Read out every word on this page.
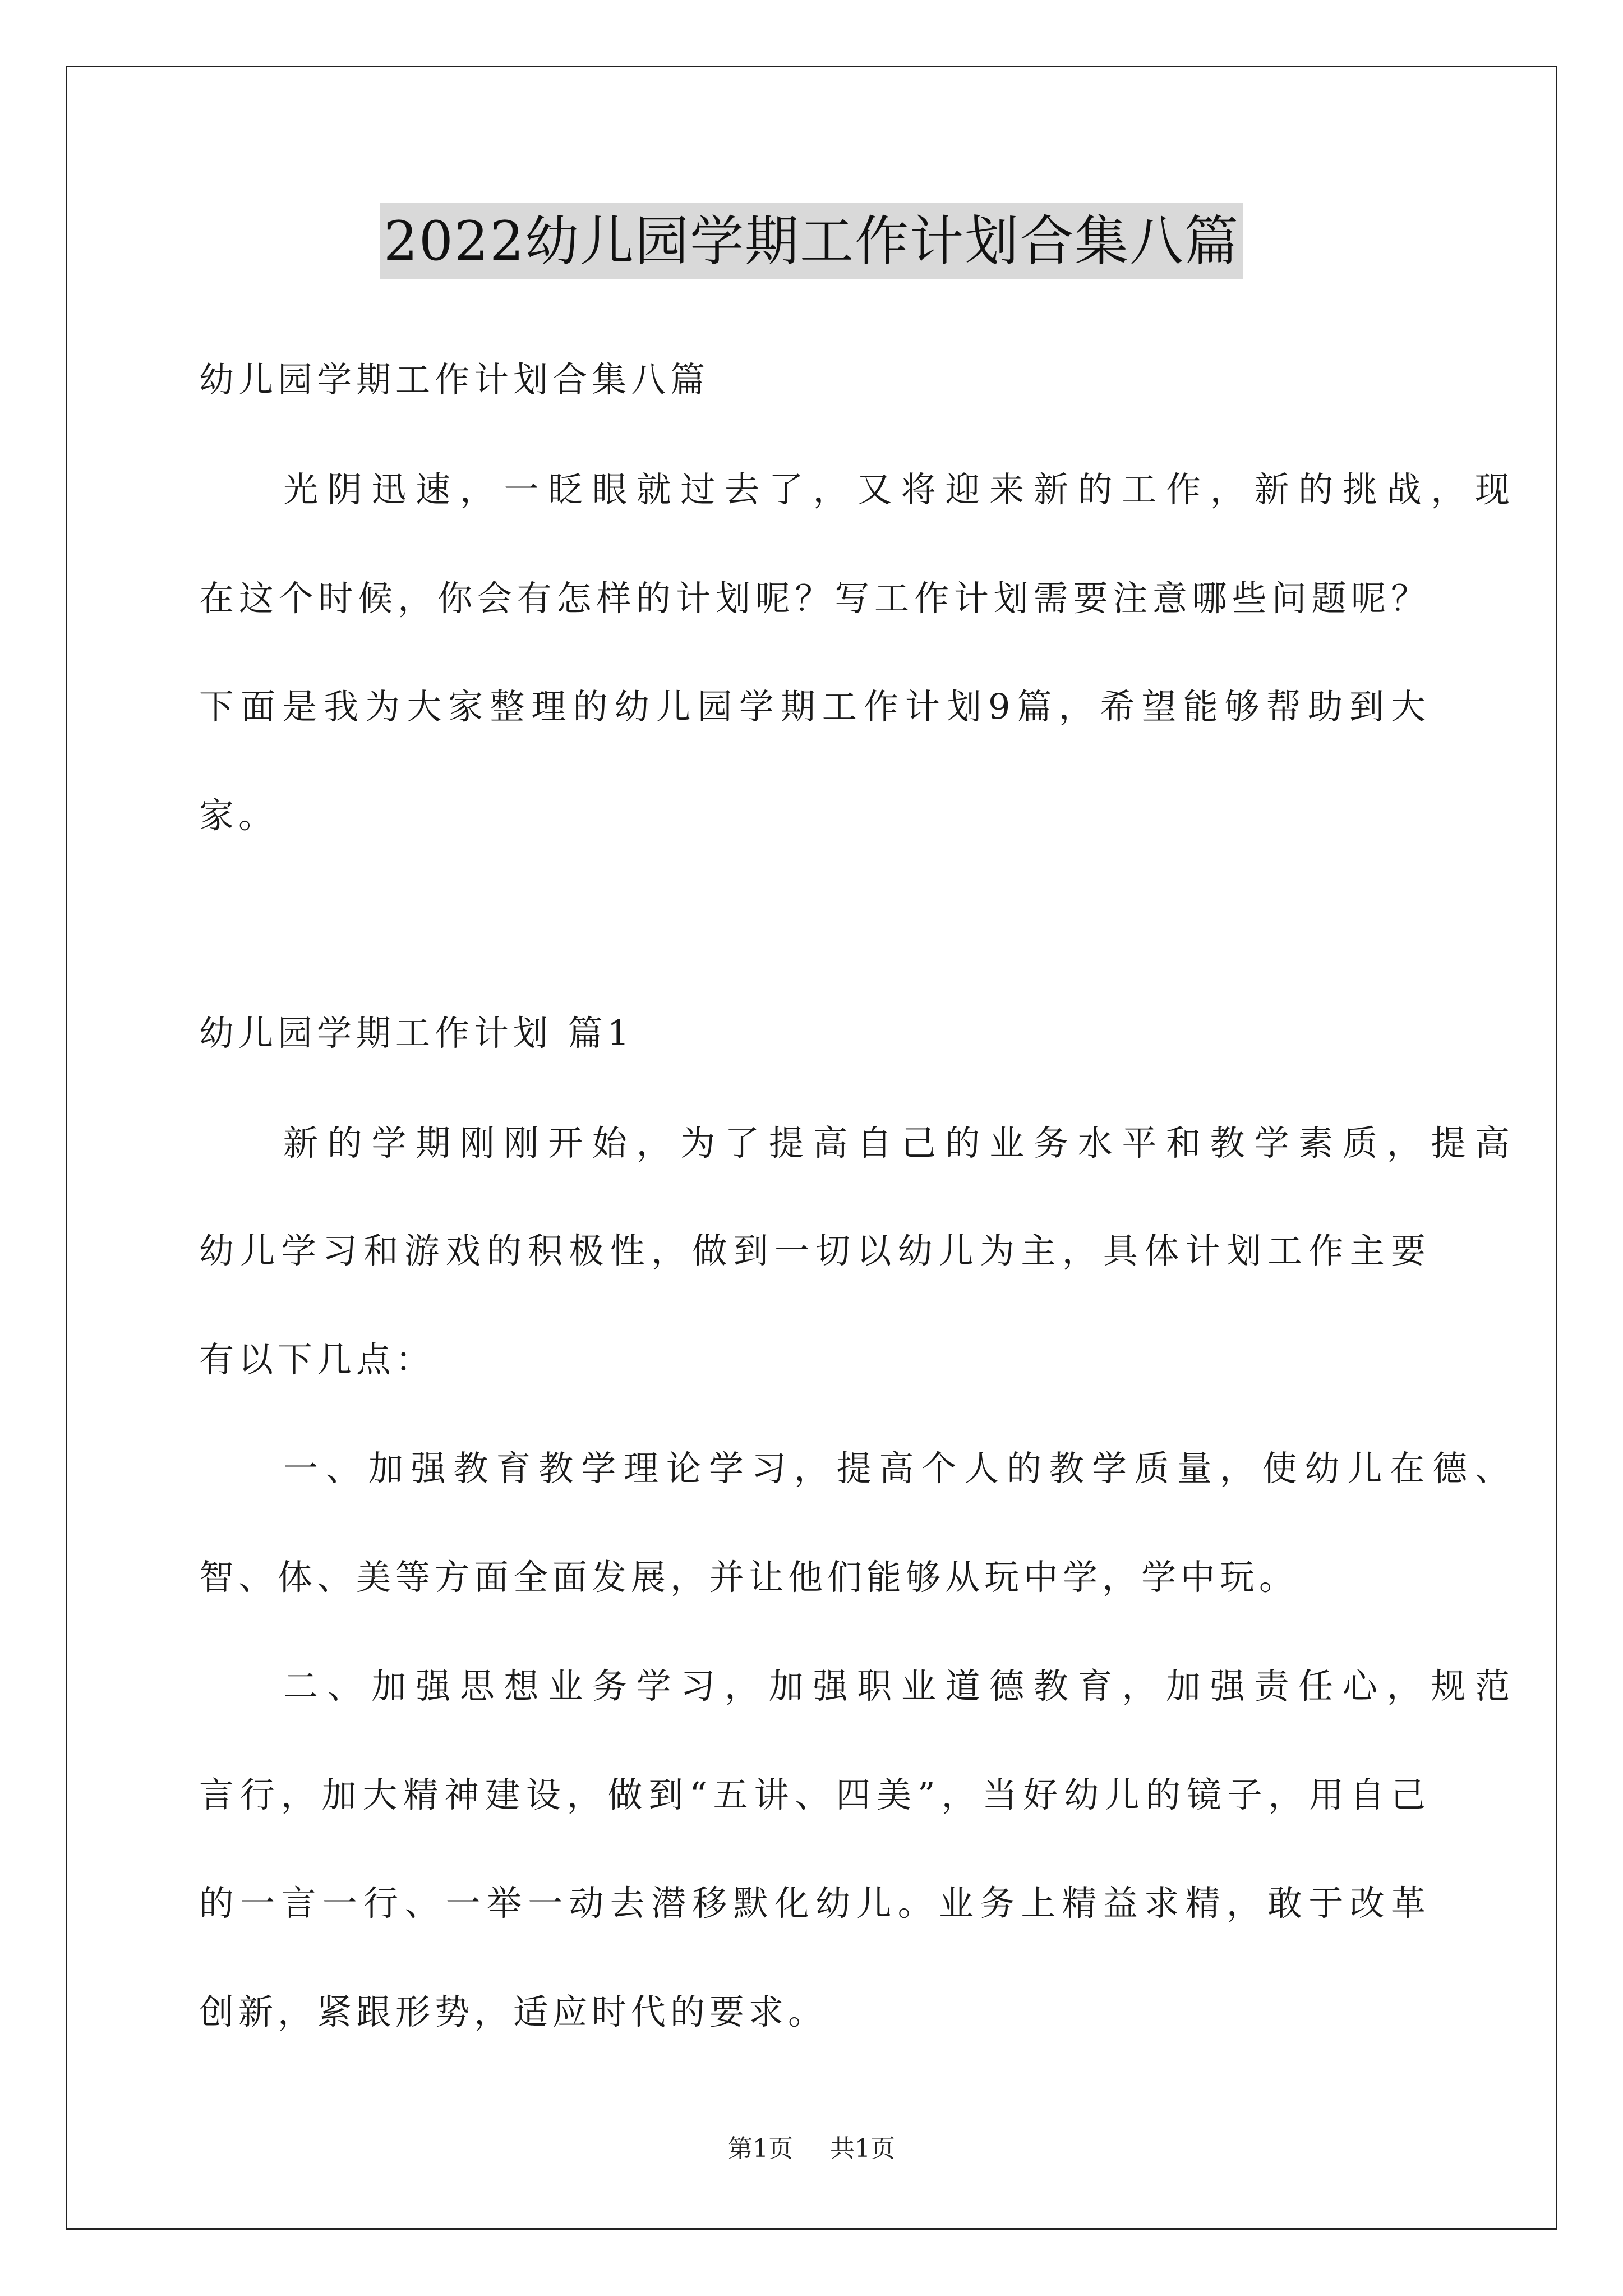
2022幼儿园学期工作计划合集八篇
幼儿园学期工作计划合集八篇
光阴迅速，一眨眼就过去了，又将迎来新的工作，新的挑战，现
在这个时候，你会有怎样的计划呢？写工作计划需要注意哪些问题呢？
下面是我为大家整理的幼儿园学期工作计划9篇，希望能够帮助到大
家。
幼儿园学期工作计划 篇1
新的学期刚刚开始，为了提高自己的业务水平和教学素质，提高
幼儿学习和游戏的积极性，做到一切以幼儿为主，具体计划工作主要
有以下几点：
一、加强教育教学理论学习，提高个人的教学质量，使幼儿在德、
智、体、美等方面全面发展，并让他们能够从玩中学，学中玩。
二、加强思想业务学习，加强职业道德教育，加强责任心，规范
言行，加大精神建设，做到“五讲、四美”，当好幼儿的镜子，用自己
的一言一行、一举一动去潜移默化幼儿。业务上精益求精，敢于改革
创新，紧跟形势，适应时代的要求。
第1页 共1页
